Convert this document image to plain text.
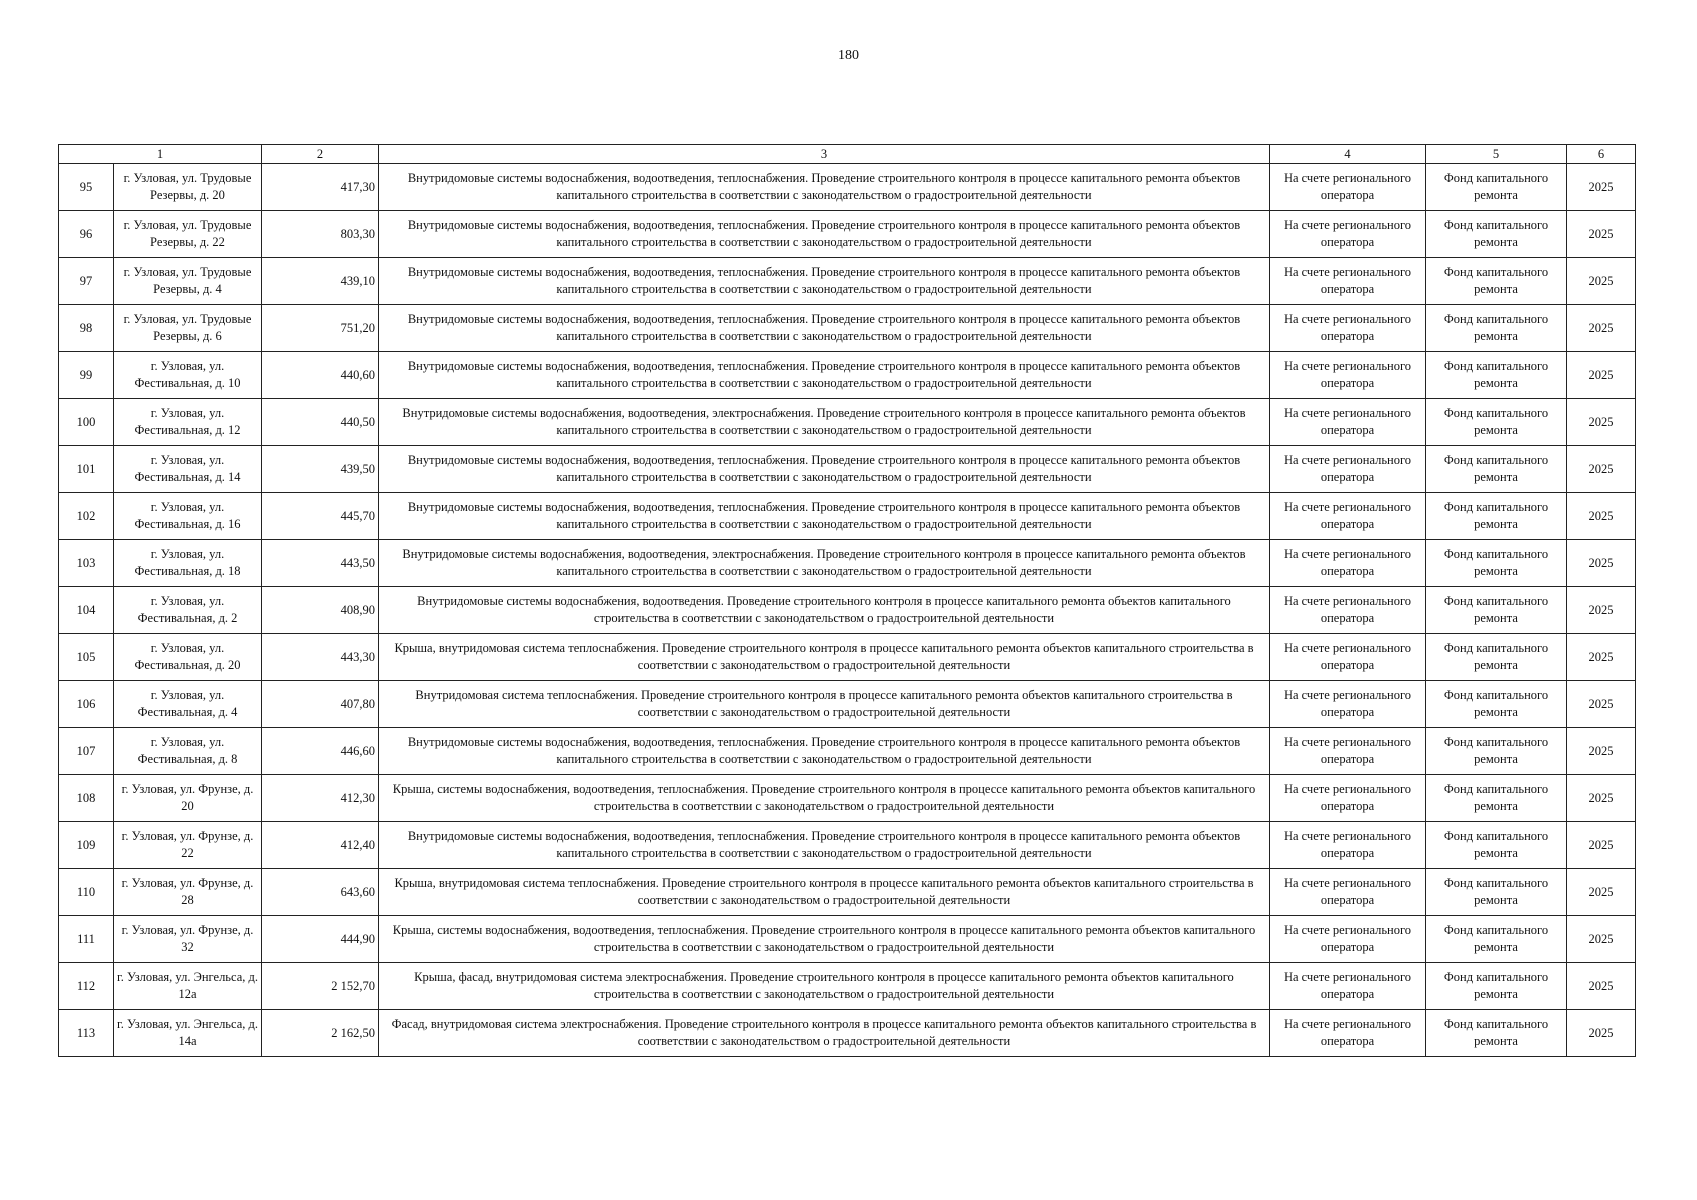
180
1		2	3	4	5	6
95	г. Узловая, ул. Трудовые Резервы, д. 20	417,30	Внутридомовые системы водоснабжения, водоотведения, теплоснабжения. Проведение строительного контроля в процессе капитального ремонта объектов капитального строительства в соответствии с законодательством о градостроительной деятельности	На счете регионального оператора	Фонд капитального ремонта	2025
96	г. Узловая, ул. Трудовые Резервы, д. 22	803,30	Внутридомовые системы водоснабжения, водоотведения, теплоснабжения. Проведение строительного контроля в процессе капитального ремонта объектов капитального строительства в соответствии с законодательством о градостроительной деятельности	На счете регионального оператора	Фонд капитального ремонта	2025
97	г. Узловая, ул. Трудовые Резервы, д. 4	439,10	Внутридомовые системы водоснабжения, водоотведения, теплоснабжения. Проведение строительного контроля в процессе капитального ремонта объектов капитального строительства в соответствии с законодательством о градостроительной деятельности	На счете регионального оператора	Фонд капитального ремонта	2025
98	г. Узловая, ул. Трудовые Резервы, д. 6	751,20	Внутридомовые системы водоснабжения, водоотведения, теплоснабжения. Проведение строительного контроля в процессе капитального ремонта объектов капитального строительства в соответствии с законодательством о градостроительной деятельности	На счете регионального оператора	Фонд капитального ремонта	2025
99	г. Узловая, ул. Фестивальная, д. 10	440,60	Внутридомовые системы водоснабжения, водоотведения, теплоснабжения. Проведение строительного контроля в процессе капитального ремонта объектов капитального строительства в соответствии с законодательством о градостроительной деятельности	На счете регионального оператора	Фонд капитального ремонта	2025
100	г. Узловая, ул. Фестивальная, д. 12	440,50	Внутридомовые системы водоснабжения, водоотведения, электроснабжения. Проведение строительного контроля в процессе капитального ремонта объектов капитального строительства в соответствии с законодательством о градостроительной деятельности	На счете регионального оператора	Фонд капитального ремонта	2025
101	г. Узловая, ул. Фестивальная, д. 14	439,50	Внутридомовые системы водоснабжения, водоотведения, теплоснабжения. Проведение строительного контроля в процессе капитального ремонта объектов капитального строительства в соответствии с законодательством о градостроительной деятельности	На счете регионального оператора	Фонд капитального ремонта	2025
102	г. Узловая, ул. Фестивальная, д. 16	445,70	Внутридомовые системы водоснабжения, водоотведения, теплоснабжения. Проведение строительного контроля в процессе капитального ремонта объектов капитального строительства в соответствии с законодательством о градостроительной деятельности	На счете регионального оператора	Фонд капитального ремонта	2025
103	г. Узловая, ул. Фестивальная, д. 18	443,50	Внутридомовые системы водоснабжения, водоотведения, электроснабжения. Проведение строительного контроля в процессе капитального ремонта объектов капитального строительства в соответствии с законодательством о градостроительной деятельности	На счете регионального оператора	Фонд капитального ремонта	2025
104	г. Узловая, ул. Фестивальная, д. 2	408,90	Внутридомовые системы водоснабжения, водоотведения. Проведение строительного контроля в процессе капитального ремонта объектов капитального строительства в соответствии с законодательством о градостроительной деятельности	На счете регионального оператора	Фонд капитального ремонта	2025
105	г. Узловая, ул. Фестивальная, д. 20	443,30	Крыша, внутридомовая система теплоснабжения. Проведение строительного контроля в процессе капитального ремонта объектов капитального строительства в соответствии с законодательством о градостроительной деятельности	На счете регионального оператора	Фонд капитального ремонта	2025
106	г. Узловая, ул. Фестивальная, д. 4	407,80	Внутридомовая система теплоснабжения. Проведение строительного контроля в процессе капитального ремонта объектов капитального строительства в соответствии с законодательством о градостроительной деятельности	На счете регионального оператора	Фонд капитального ремонта	2025
107	г. Узловая, ул. Фестивальная, д. 8	446,60	Внутридомовые системы водоснабжения, водоотведения, теплоснабжения. Проведение строительного контроля в процессе капитального ремонта объектов капитального строительства в соответствии с законодательством о градостроительной деятельности	На счете регионального оператора	Фонд капитального ремонта	2025
108	г. Узловая, ул. Фрунзе, д. 20	412,30	Крыша, системы водоснабжения, водоотведения, теплоснабжения. Проведение строительного контроля в процессе капитального ремонта объектов капитального строительства в соответствии с законодательством о градостроительной деятельности	На счете регионального оператора	Фонд капитального ремонта	2025
109	г. Узловая, ул. Фрунзе, д. 22	412,40	Внутридомовые системы водоснабжения, водоотведения, теплоснабжения. Проведение строительного контроля в процессе капитального ремонта объектов капитального строительства в соответствии с законодательством о градостроительной деятельности	На счете регионального оператора	Фонд капитального ремонта	2025
110	г. Узловая, ул. Фрунзе, д. 28	643,60	Крыша, внутридомовая система теплоснабжения. Проведение строительного контроля в процессе капитального ремонта объектов капитального строительства в соответствии с законодательством о градостроительной деятельности	На счете регионального оператора	Фонд капитального ремонта	2025
111	г. Узловая, ул. Фрунзе, д. 32	444,90	Крыша, системы водоснабжения, водоотведения, теплоснабжения. Проведение строительного контроля в процессе капитального ремонта объектов капитального строительства в соответствии с законодательством о градостроительной деятельности	На счете регионального оператора	Фонд капитального ремонта	2025
112	г. Узловая, ул. Энгельса, д. 12а	2 152,70	Крыша, фасад, внутридомовая система электроснабжения. Проведение строительного контроля в процессе капитального ремонта объектов капитального строительства в соответствии с законодательством о градостроительной деятельности	На счете регионального оператора	Фонд капитального ремонта	2025
113	г. Узловая, ул. Энгельса, д. 14а	2 162,50	Фасад, внутридомовая система электроснабжения. Проведение строительного контроля в процессе капитального ремонта объектов капитального строительства в соответствии с законодательством о градостроительной деятельности	На счете регионального оператора	Фонд капитального ремонта	2025
